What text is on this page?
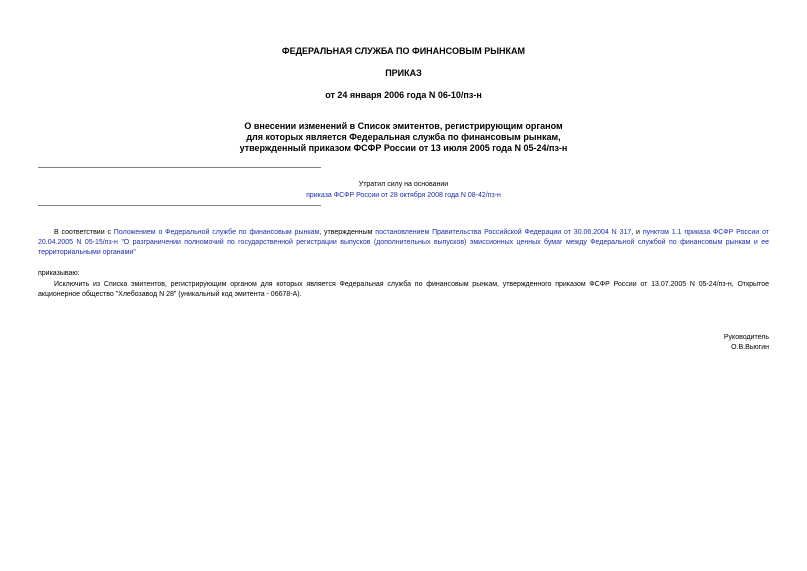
ФЕДЕРАЛЬНАЯ СЛУЖБА ПО ФИНАНСОВЫМ РЫНКАМ
ПРИКАЗ
от 24 января 2006 года N 06-10/пз-н
О внесении изменений в Список эмитентов, регистрирующим органом
для которых является Федеральная служба по финансовым рынкам,
утвержденный приказом ФСФР России от 13 июля 2005 года N 05-24/пз-н
Утратил силу на основании
приказа ФСФР России от 28 октября 2008 года N 08-42/пз-н
В соответствии с Положением о Федеральной службе по финансовым рынкам, утвержденным постановлением Правительства Российской Федерации от 30.06.2004 N 317, и пунктом 1.1 приказа ФСФР России от 20.04.2005 N 05-15/пз-н "О разграничении полномочий по государственной регистрации выпусков (дополнительных выпусков) эмиссионных ценных бумаг между Федеральной службой по финансовым рынкам и ее территориальными органами"
приказываю:
Исключить из Списка эмитентов, регистрирующим органом для которых является Федеральная служба по финансовым рынкам, утвержденного приказом ФСФР России от 13.07.2005 N 05-24/пз-н, Открытое акционерное общество "Хлебозавод N 28" (уникальный код эмитента - 06678-А).
Руководитель
О.В.Вьюгин
